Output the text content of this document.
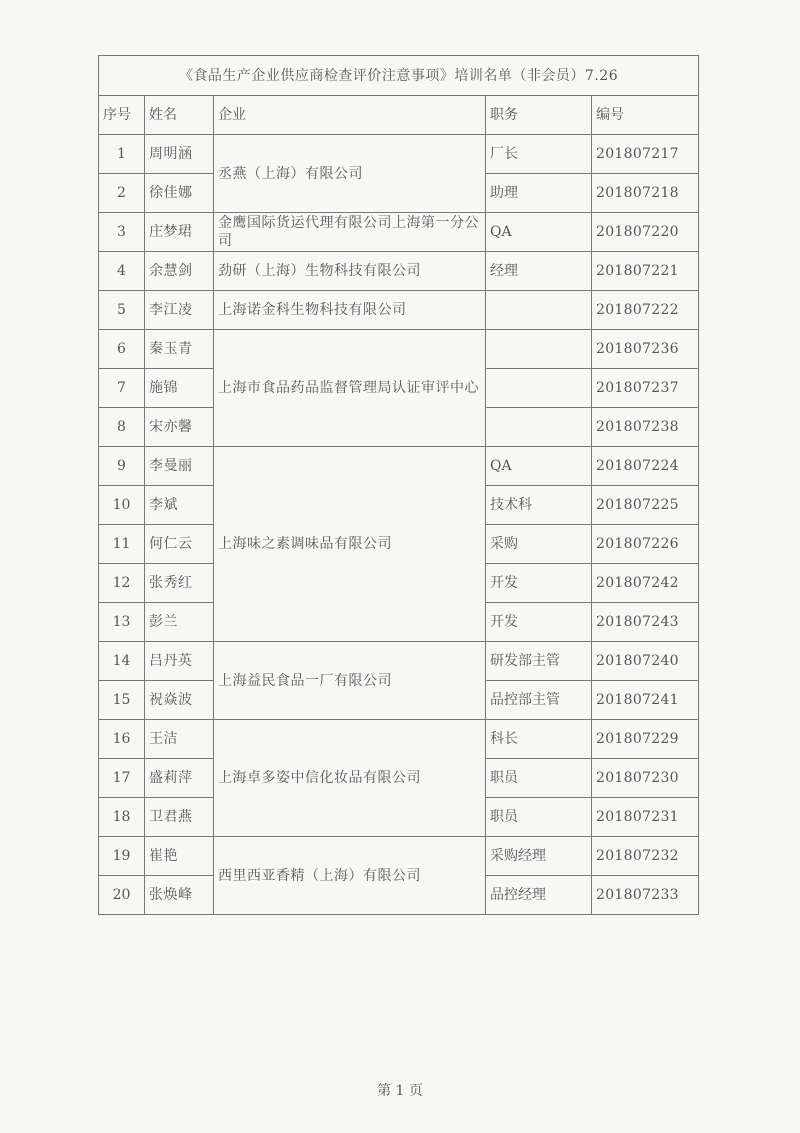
《食品生产企业供应商检查评价注意事项》培训名单（非会员）7.26				
序号	姓名	企业	职务	编号
1	周明涵	丞燕（上海）有限公司	厂长	201807217
2	徐佳娜		助理	201807218
3	庄梦珺	金鹰国际货运代理有限公司上海第一分公司	QA	201807220
4	余慧剑	劲研（上海）生物科技有限公司	经理	201807221
5	李江凌	上海诺金科生物科技有限公司		201807222
6	秦玉青	上海市食品药品监督管理局认证审评中心		201807236
7	施锦			201807237
8	宋亦馨			201807238
9	李曼丽	上海味之素调味品有限公司	QA	201807224
10	李斌		技术科	201807225
11	何仁云		采购	201807226
12	张秀红		开发	201807242
13	彭兰		开发	201807243
14	吕丹英	上海益民食品一厂有限公司	研发部主管	201807240
15	祝焱波		品控部主管	201807241
16	王洁	上海卓多姿中信化妆品有限公司	科长	201807229
17	盛莉萍		职员	201807230
18	卫君燕		职员	201807231
19	崔艳	西里西亚香精（上海）有限公司	采购经理	201807232
20	张焕峰		品控经理	201807233
第 1 页
